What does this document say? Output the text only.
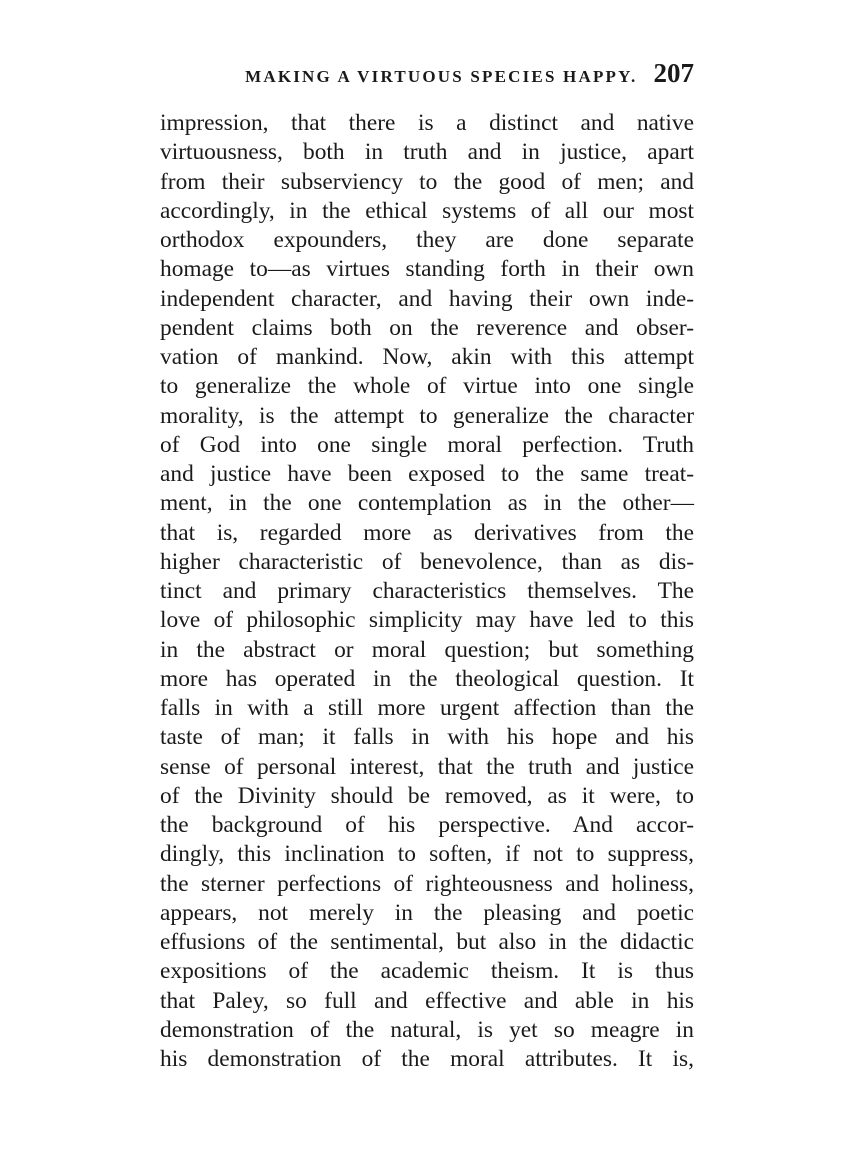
MAKING A VIRTUOUS SPECIES HAPPY. 207
impression, that there is a distinct and native
virtuousness, both in truth and in justice, apart
from their subserviency to the good of men; and
accordingly, in the ethical systems of all our most
orthodox expounders, they are done separate
homage to—as virtues standing forth in their own
independent character, and having their own inde-
pendent claims both on the reverence and obser-
vation of mankind. Now, akin with this attempt
to generalize the whole of virtue into one single
morality, is the attempt to generalize the character
of God into one single moral perfection. Truth
and justice have been exposed to the same treat-
ment, in the one contemplation as in the other—
that is, regarded more as derivatives from the
higher characteristic of benevolence, than as dis-
tinct and primary characteristics themselves. The
love of philosophic simplicity may have led to this
in the abstract or moral question; but something
more has operated in the theological question. It
falls in with a still more urgent affection than the
taste of man; it falls in with his hope and his
sense of personal interest, that the truth and justice
of the Divinity should be removed, as it were, to
the background of his perspective. And accor-
dingly, this inclination to soften, if not to suppress,
the sterner perfections of righteousness and holiness,
appears, not merely in the pleasing and poetic
effusions of the sentimental, but also in the didactic
expositions of the academic theism. It is thus
that Paley, so full and effective and able in his
demonstration of the natural, is yet so meagre in
his demonstration of the moral attributes. It is,
